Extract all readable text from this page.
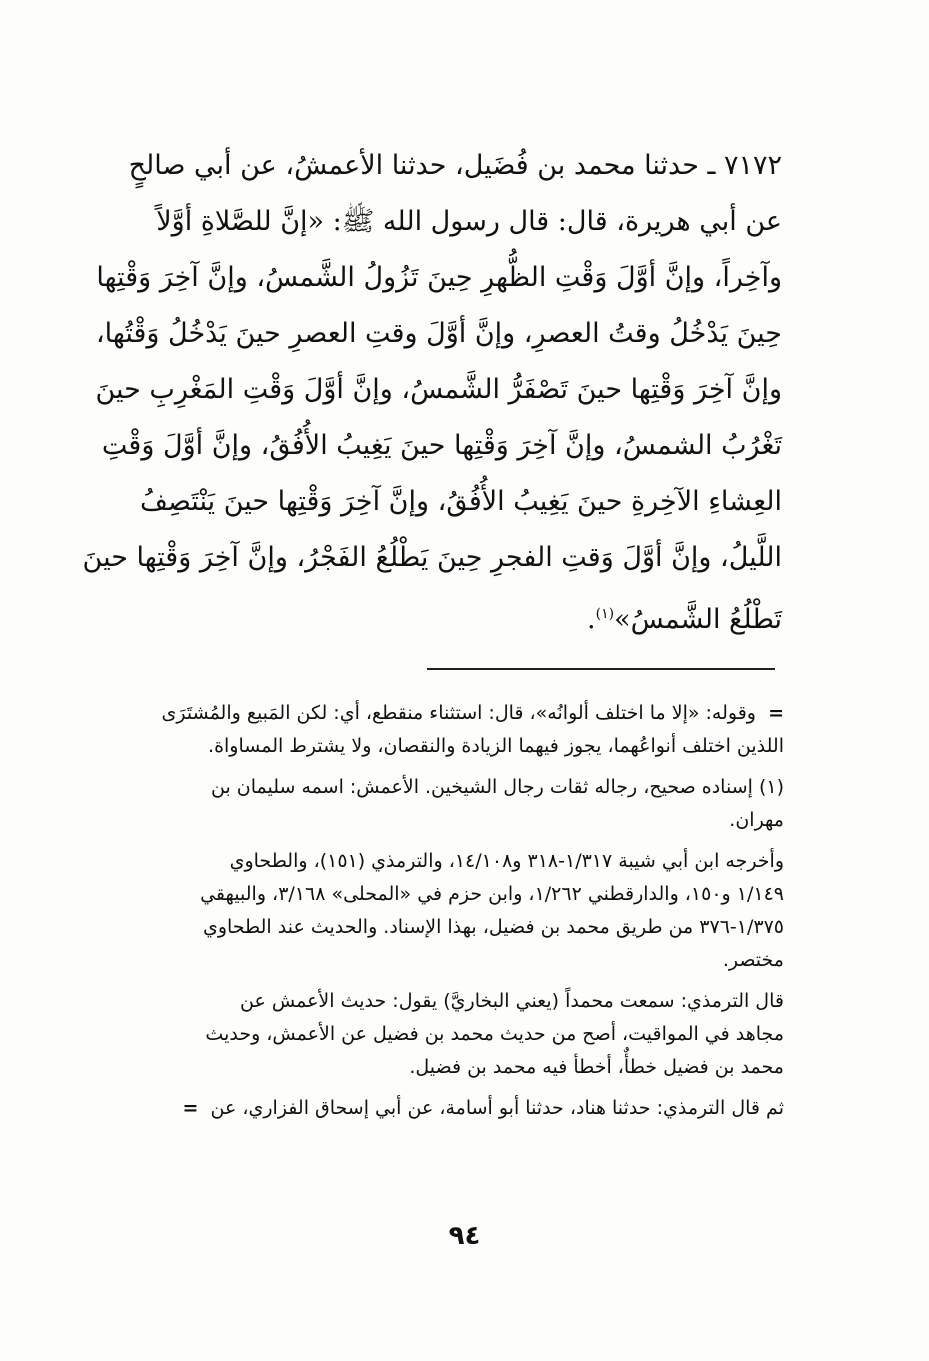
٧١٧٢ ـ حدثنا محمد بن فُضَيل، حدثنا الأعمشُ، عن أبي صالحٍ
عن أبي هريرة، قال: قال رسول الله ﷺ: «إنَّ للصَّلاةِ أوَّلاً
وآخِراً، وإنَّ أوَّلَ وَقْتِ الظُّهرِ حِينَ تَزُولُ الشَّمسُ، وإنَّ آخِرَ وَقْتِها
حِينَ يَدْخُلُ وقتُ العصرِ، وإنَّ أوَّلَ وقتِ العصرِ حينَ يَدْخُلُ وَقْتُها،
وإنَّ آخِرَ وَقْتِها حينَ تَصْفَرُّ الشَّمسُ، وإنَّ أوَّلَ وَقْتِ المَغْرِبِ حينَ
تَغْرُبُ الشمسُ، وإنَّ آخِرَ وَقْتِها حينَ يَغِيبُ الأُفُقُ، وإنَّ أوَّلَ وَقْتِ
العِشاءِ الآخِرةِ حينَ يَغِيبُ الأُفُقُ، وإنَّ آخِرَ وَقْتِها حينَ يَنْتَصِفُ
اللَّيلُ، وإنَّ أوَّلَ وَقتِ الفجرِ حِينَ يَطْلُعُ الفَجْرُ، وإنَّ آخِرَ وَقْتِها حينَ
تَطْلُعُ الشَّمسُ»$^{(١)}$.
=  وقوله: «إلا ما اختلف ألوانُه»، قال: استثناء منقطع، أي: لكن المَبيع والمُشتَرَى
اللذين اختلف أنواعُهما، يجوز فيهما الزيادة والنقصان، ولا يشترط المساواة.
(١) إسناده صحيح، رجاله ثقات رجال الشيخين. الأعمش: اسمه سليمان بن
مهران.
وأخرجه ابن أبي شيبة ١/٣١٧-٣١٨ و١٤/١٠٨، والترمذي (١٥١)، والطحاوي
١/١٤٩ و١٥٠، والدارقطني ١/٢٦٢، وابن حزم في «المحلى» ٣/١٦٨، والبيهقي
١/٣٧٥-٣٧٦ من طريق محمد بن فضيل، بهذا الإسناد. والحديث عند الطحاوي
مختصر.
قال الترمذي: سمعت محمداً (يعني البخاريَّ) يقول: حديث الأعمش عن
مجاهد في المواقيت، أصح من حديث محمد بن فضيل عن الأعمش، وحديث
محمد بن فضيل خطأٌ، أخطأ فيه محمد بن فضيل.
ثم قال الترمذي: حدثنا هناد، حدثنا أبو أسامة، عن أبي إسحاق الفزاري، عن  =
٩٤
